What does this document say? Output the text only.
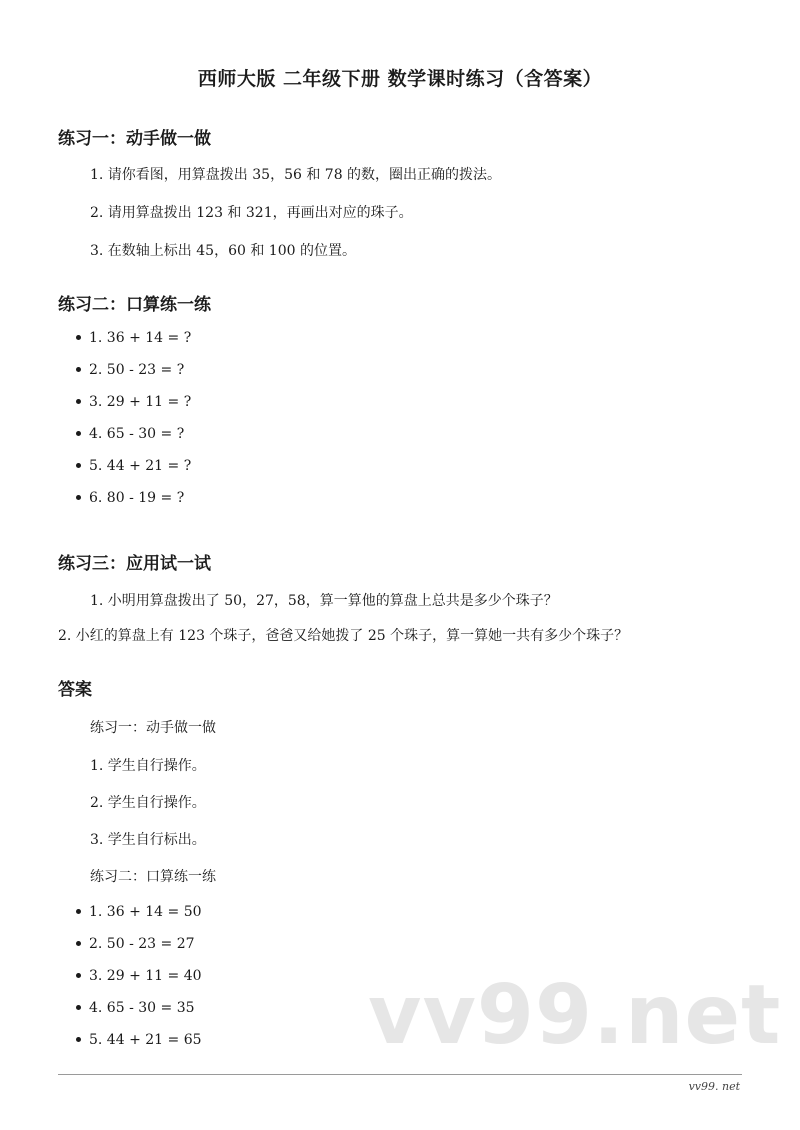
西师大版 二年级下册 数学课时练习（含答案）
练习一：动手做一做
1. 请你看图，用算盘拨出 35，56 和 78 的数，圈出正确的拨法。
2. 请用算盘拨出 123 和 321，再画出对应的珠子。
3. 在数轴上标出 45，60 和 100 的位置。
练习二：口算练一练
1. 36 + 14 = ?
2. 50 - 23 = ?
3. 29 + 11 = ?
4. 65 - 30 = ?
5. 44 + 21 = ?
6. 80 - 19 = ?
练习三：应用试一试
1. 小明用算盘拨出了 50，27，58，算一算他的算盘上总共是多少个珠子？
2. 小红的算盘上有 123 个珠子，爸爸又给她拨了 25 个珠子，算一算她一共有多少个珠子？
答案
练习一：动手做一做
1. 学生自行操作。
2. 学生自行操作。
3. 学生自行标出。
练习二：口算练一练
1. 36 + 14 = 50
2. 50 - 23 = 27
3. 29 + 11 = 40
4. 65 - 30 = 35
5. 44 + 21 = 65 vv99.net
vv99. net
